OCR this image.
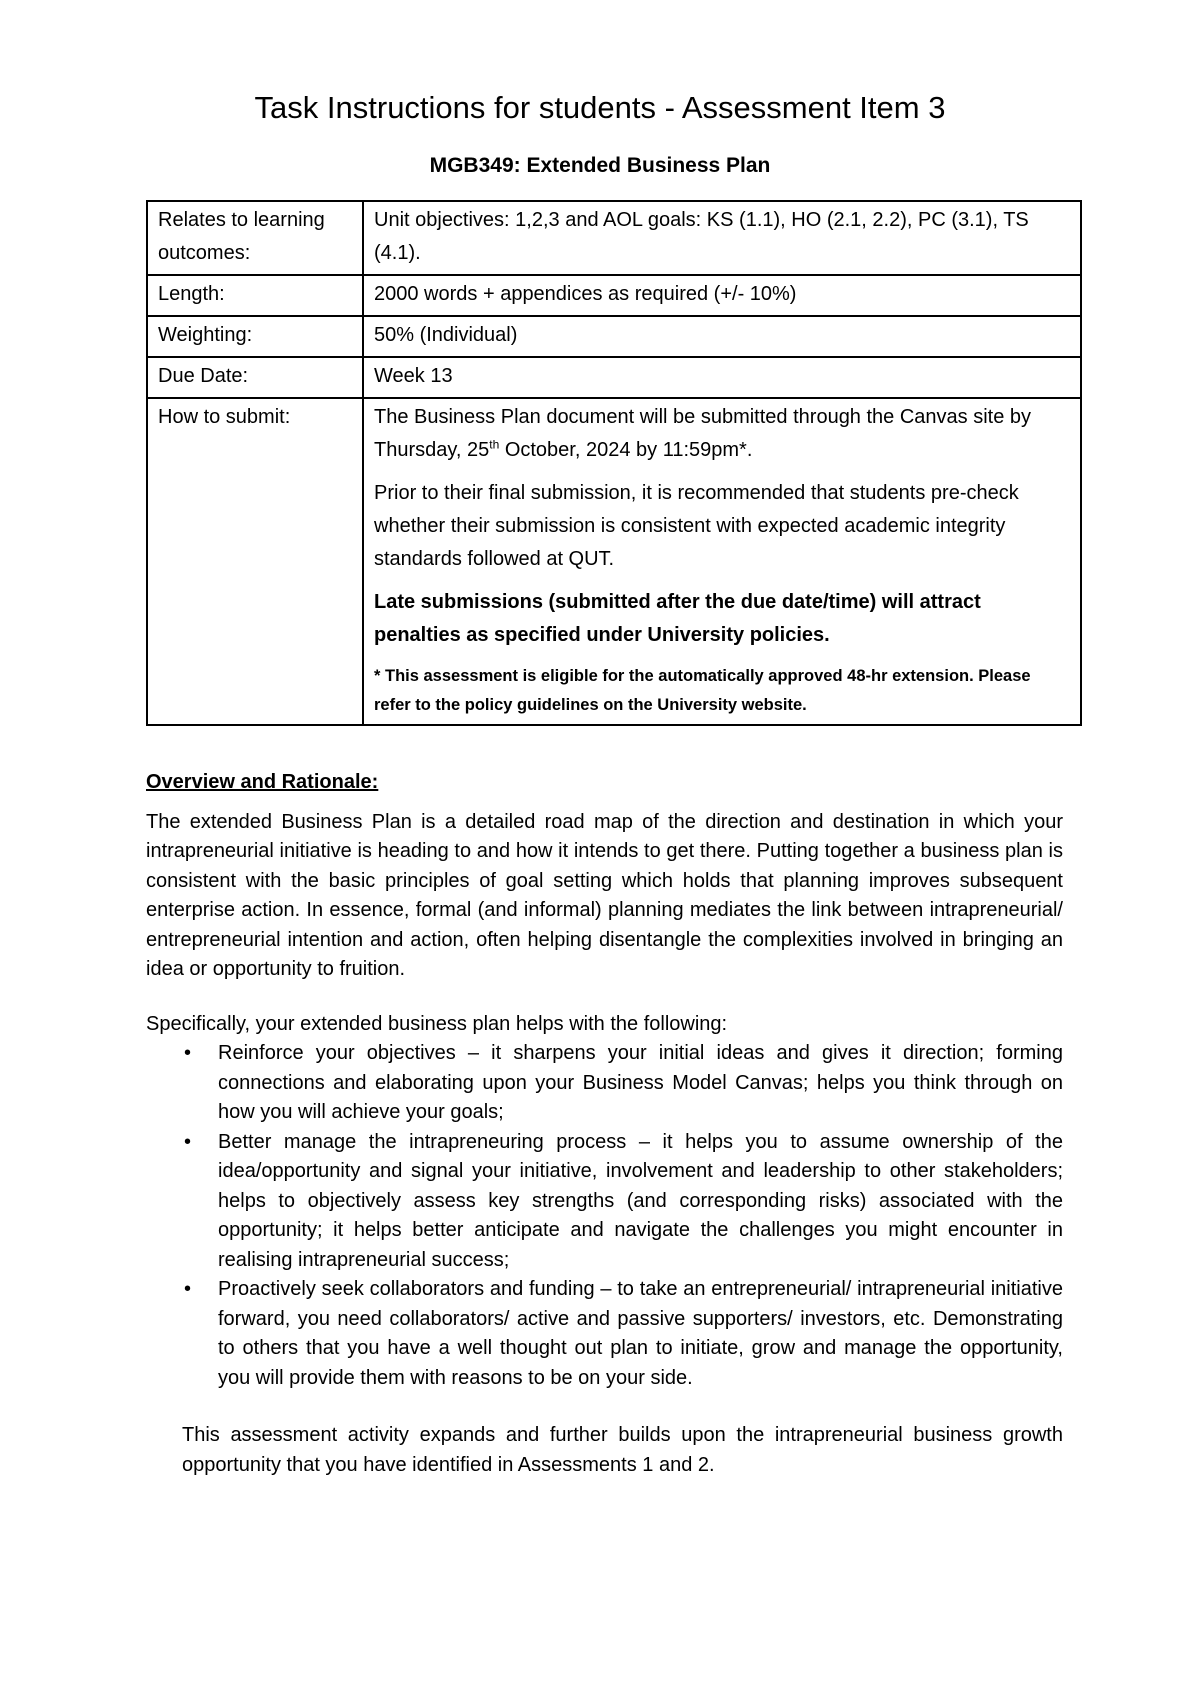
Task Instructions for students - Assessment Item 3
MGB349: Extended Business Plan
Relates to learning outcomes:	Unit objectives: 1,2,3 and AOL goals: KS (1.1), HO (2.1, 2.2), PC (3.1), TS (4.1).
Length:	2000 words + appendices as required (+/- 10%)
Weighting:	50% (Individual)
Due Date:	Week 13
How to submit:	The Business Plan document will be submitted through the Canvas site by Thursday, 25th October, 2024 by 11:59pm*.

Prior to their final submission, it is recommended that students pre-check whether their submission is consistent with expected academic integrity standards followed at QUT.

Late submissions (submitted after the due date/time) will attract penalties as specified under University policies.

* This assessment is eligible for the automatically approved 48-hr extension. Please refer to the policy guidelines on the University website.

Overview and Rationale:
The extended Business Plan is a detailed road map of the direction and destination in which your intrapreneurial initiative is heading to and how it intends to get there. Putting together a business plan is consistent with the basic principles of goal setting which holds that planning improves subsequent enterprise action. In essence, formal (and informal) planning mediates the link between intrapreneurial/ entrepreneurial intention and action, often helping disentangle the complexities involved in bringing an idea or opportunity to fruition.
Specifically, your extended business plan helps with the following:
• Reinforce your objectives – it sharpens your initial ideas and gives it direction; forming connections and elaborating upon your Business Model Canvas; helps you think through on how you will achieve your goals;
• Better manage the intrapreneuring process – it helps you to assume ownership of the idea/opportunity and signal your initiative, involvement and leadership to other stakeholders; helps to objectively assess key strengths (and corresponding risks) associated with the opportunity; it helps better anticipate and navigate the challenges you might encounter in realising intrapreneurial success;
• Proactively seek collaborators and funding – to take an entrepreneurial/ intrapreneurial initiative forward, you need collaborators/ active and passive supporters/ investors, etc. Demonstrating to others that you have a well thought out plan to initiate, grow and manage the opportunity, you will provide them with reasons to be on your side.
This assessment activity expands and further builds upon the intrapreneurial business growth opportunity that you have identified in Assessments 1 and 2.
